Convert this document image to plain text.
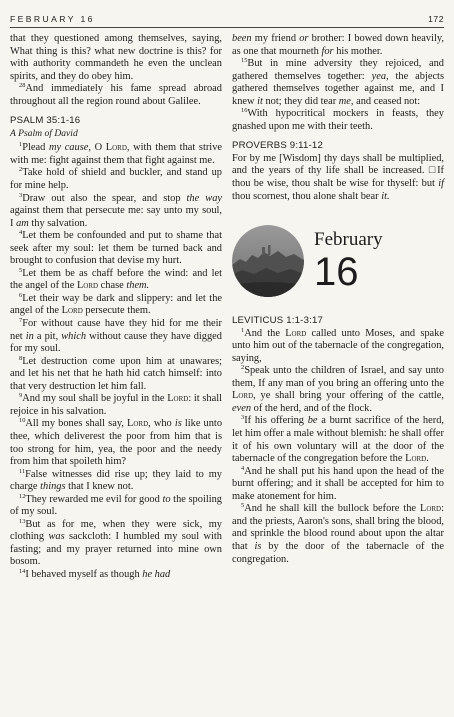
FEBRUARY 16	172

that they questioned among themselves, saying, What thing is this? what new doctrine is this? for with authority commandeth he even the unclean spirits, and they do obey him.

$^{28}$And immediately his fame spread abroad throughout all the region round about Galilee.

PSALM 35:1-16
A Psalm of David

$^1$Plead my cause, O Lord, with them that strive with me: fight against them that fight against me.

$^2$Take hold of shield and buckler, and stand up for mine help.

$^3$Draw out also the spear, and stop the way against them that persecute me: say unto my soul, I am thy salvation.

$^4$Let them be confounded and put to shame that seek after my soul: let them be turned back and brought to confusion that devise my hurt.

$^5$Let them be as chaff before the wind: and let the angel of the Lord chase them.

$^6$Let their way be dark and slippery: and let the angel of the Lord persecute them.

$^7$For without cause have they hid for me their net in a pit, which without cause they have digged for my soul.

$^8$Let destruction come upon him at unawares; and let his net that he hath hid catch himself: into that very destruction let him fall.

$^9$And my soul shall be joyful in the Lord: it shall rejoice in his salvation.

$^{10}$All my bones shall say, Lord, who is like unto thee, which deliverest the poor from him that is too strong for him, yea, the poor and the needy from him that spoileth him?

$^{11}$False witnesses did rise up; they laid to my charge things that I knew not.

$^{12}$They rewarded me evil for good to the spoiling of my soul.

$^{13}$But as for me, when they were sick, my clothing was sackcloth: I humbled my soul with fasting; and my prayer returned into mine own bosom.

$^{14}$I behaved myself as though he had

been my friend or brother: I bowed down heavily, as one that mourneth for his mother.

$^{15}$But in mine adversity they rejoiced, and gathered themselves together: yea, the abjects gathered themselves together against me, and I knew it not; they did tear me, and ceased not:

$^{16}$With hypocritical mockers in feasts, they gnashed upon me with their teeth.

PROVERBS 9:11-12

For by me [Wisdom] thy days shall be multiplied, and the years of thy life shall be increased. □If thou be wise, thou shalt be wise for thyself: but if thou scornest, thou alone shalt bear it.

February
16
LEVITICUS 1:1-3:17

$^1$And the Lord called unto Moses, and spake unto him out of the tabernacle of the congregation, saying,

$^2$Speak unto the children of Israel, and say unto them, If any man of you bring an offering unto the Lord, ye shall bring your offering of the cattle, even of the herd, and of the flock.

$^3$If his offering be a burnt sacrifice of the herd, let him offer a male without blemish: he shall offer it of his own voluntary will at the door of the tabernacle of the congregation before the Lord.

$^4$And he shall put his hand upon the head of the burnt offering; and it shall be accepted for him to make atonement for him.

$^5$And he shall kill the bullock before the Lord: and the priests, Aaron's sons, shall bring the blood, and sprinkle the blood round about upon the altar that is by the door of the tabernacle of the congregation.
